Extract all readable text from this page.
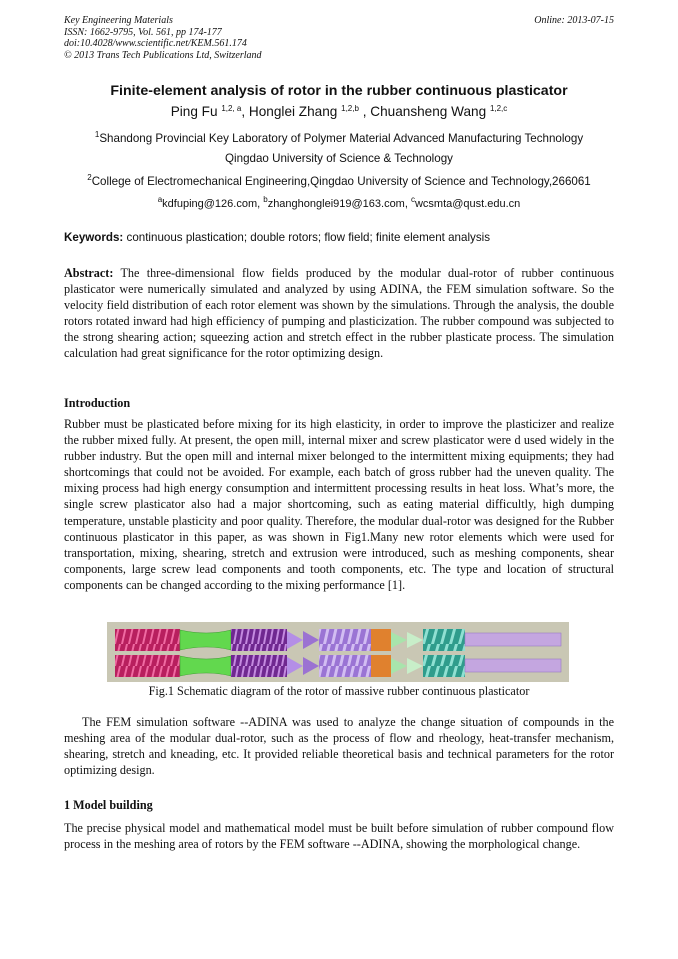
Key Engineering Materials
ISSN: 1662-9795, Vol. 561, pp 174-177
doi:10.4028/www.scientific.net/KEM.561.174
© 2013 Trans Tech Publications Ltd, Switzerland
Online: 2013-07-15
Finite-element analysis of rotor in the rubber continuous plasticator
Ping Fu $^{1,2, a}$, Honglei Zhang $^{1,2,b}$ , Chuansheng Wang $^{1,2,c}$
$^1$Shandong Provincial Key Laboratory of Polymer Material Advanced Manufacturing Technology
Qingdao University of Science & Technology
$^2$College of Electromechanical Engineering,Qingdao University of Science and Technology,266061
$^a$kdfuping@126.com, $^b$zhanghonglei919@163.com, $^c$wcsmta@qust.edu.cn
Keywords: continuous plastication; double rotors; flow field; finite element analysis
Abstract: The three-dimensional flow fields produced by the modular dual-rotor of rubber continuous plasticator were numerically simulated and analyzed by using ADINA, the FEM simulation software. So the velocity field distribution of each rotor element was shown by the simulations. Through the analysis, the double rotors rotated inward had high efficiency of pumping and plasticization. The rubber compound was subjected to the strong shearing action; squeezing action and stretch effect in the rubber plasticate process. The simulation calculation had great significance for the rotor optimizing design.
Introduction
Rubber must be plasticated before mixing for its high elasticity, in order to improve the plasticizer and realize the rubber mixed fully. At present, the open mill, internal mixer and screw plasticator were d used widely in the rubber industry. But the open mill and internal mixer belonged to the intermittent mixing equipments; they had shortcomings that could not be avoided. For example, each batch of gross rubber had the uneven quality. The mixing process had high energy consumption and intermittent processing results in heat loss. What’s more, the single screw plasticator also had a major shortcoming, such as eating material difficultly, high dumping temperature, unstable plasticity and poor quality. Therefore, the modular dual-rotor was designed for the Rubber continuous plasticator in this paper, as was shown in Fig1.Many new rotor elements which were used for transportation, mixing, shearing, stretch and extrusion were introduced, such as meshing components, shear components, large screw lead components and tooth components, etc. The type and location of structural components can be changed according to the mixing performance [1].
Fig.1 Schematic diagram of the rotor of massive rubber continuous plasticator
The FEM simulation software --ADINA was used to analyze the change situation of compounds in the meshing area of the modular dual-rotor, such as the process of flow and rheology, heat-transfer mechanism, shearing, stretch and kneading, etc. It provided reliable theoretical basis and technical parameters for the rotor optimizing design.
1 Model building
The precise physical model and mathematical model must be built before simulation of rubber compound flow process in the meshing area of rotors by the FEM software --ADINA, showing the morphological change.
